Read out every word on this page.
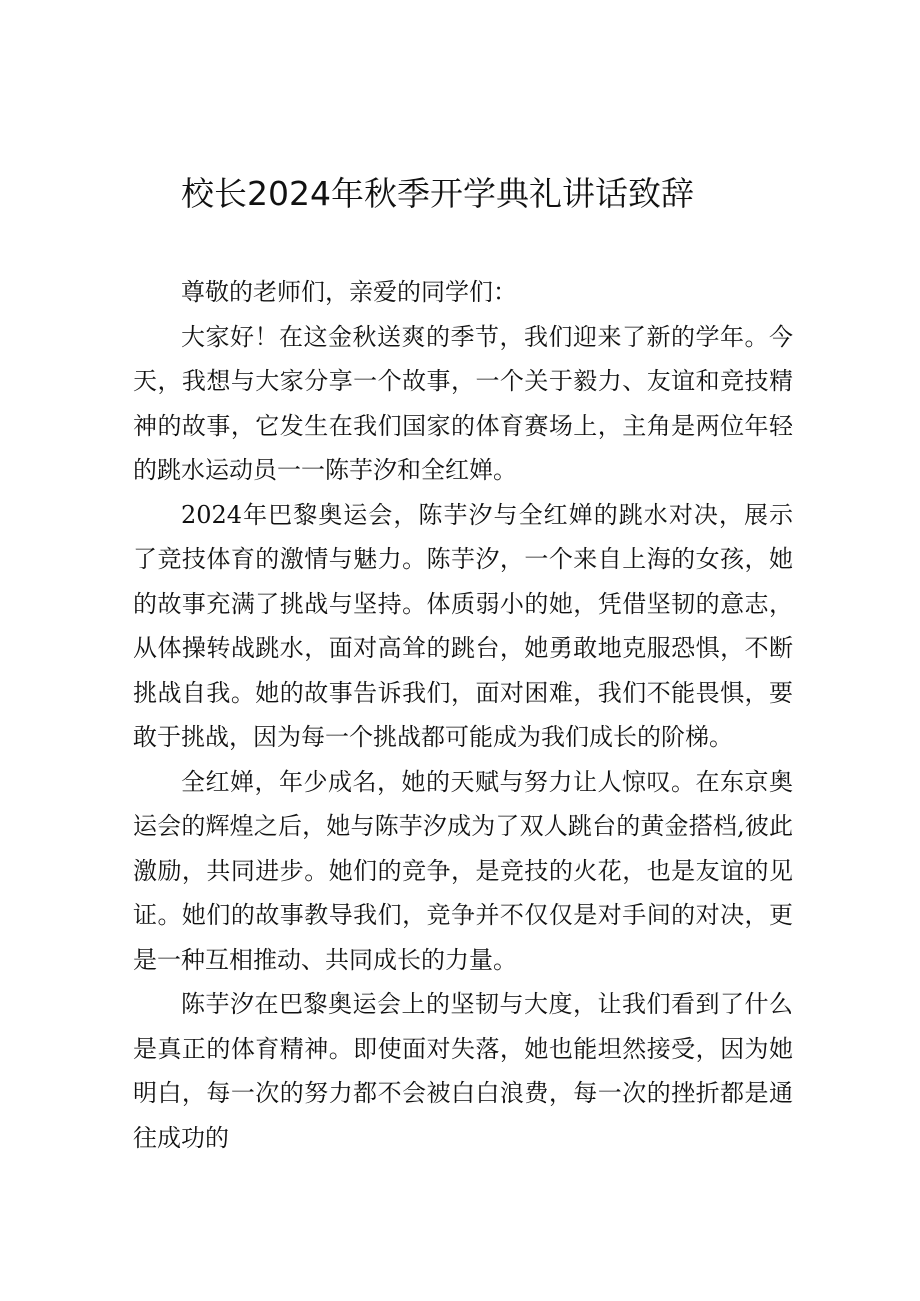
校长2024年秋季开学典礼讲话致辞

尊敬的老师们，亲爱的同学们：

大家好！在这金秋送爽的季节，我们迎来了新的学年。今天，我想与大家分享一个故事，一个关于毅力、友谊和竞技精神的故事，它发生在我们国家的体育赛场上，主角是两位年轻的跳水运动员一一陈芋汐和全红婵。

2024年巴黎奥运会，陈芋汐与全红婵的跳水对决，展示了竞技体育的激情与魅力。陈芋汐，一个来自上海的女孩，她的故事充满了挑战与坚持。体质弱小的她，凭借坚韧的意志，从体操转战跳水，面对高耸的跳台，她勇敢地克服恐惧，不断挑战自我。她的故事告诉我们，面对困难，我们不能畏惧，要敢于挑战，因为每一个挑战都可能成为我们成长的阶梯。

全红婵，年少成名，她的天赋与努力让人惊叹。在东京奥运会的辉煌之后，她与陈芋汐成为了双人跳台的黄金搭档,彼此激励，共同进步。她们的竞争，是竞技的火花，也是友谊的见证。她们的故事教导我们，竞争并不仅仅是对手间的对决，更是一种互相推动、共同成长的力量。

陈芋汐在巴黎奥运会上的坚韧与大度，让我们看到了什么是真正的体育精神。即使面对失落，她也能坦然接受，因为她明白，每一次的努力都不会被白白浪费，每一次的挫折都是通往成功的
